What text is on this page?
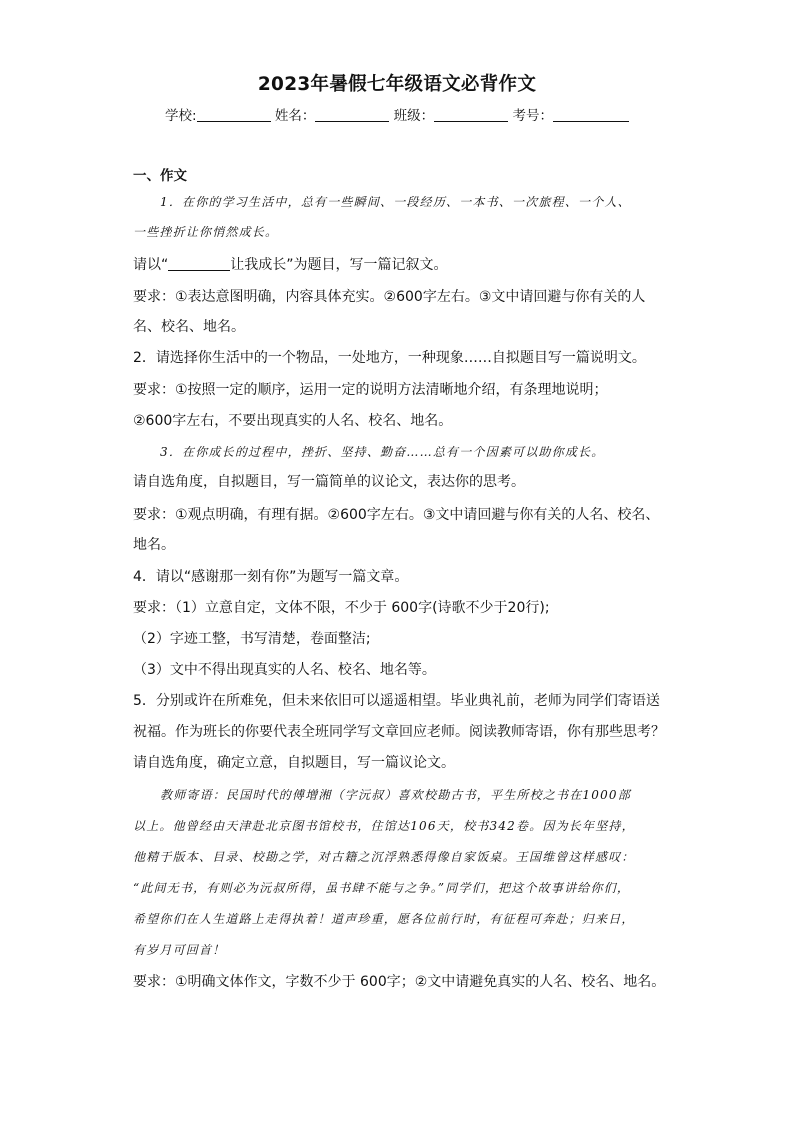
2023年暑假七年级语文必背作文
学校:	姓名：	班级：	考号：
一、作文
1．在你的学习生活中，总有一些瞬间、一段经历、一本书、一次旅程、一个人、
一些挫折让你悄然成长。
请以“	让我成长”为题目，写一篇记叙文。
要求：①表达意图明确，内容具体充实。②600字左右。③文中请回避与你有关的人
名、校名、地名。
2．请选择你生活中的一个物品，一处地方，一种现象……自拟题目写一篇说明文。
要求：①按照一定的顺序，运用一定的说明方法清晰地介绍，有条理地说明；
②600字左右，不要出现真实的人名、校名、地名。
3．在你成长的过程中，挫折、坚持、勤奋……总有一个因素可以助你成长。
请自选角度，自拟题目，写一篇简单的议论文，表达你的思考。
要求：①观点明确，有理有据。②600字左右。③文中请回避与你有关的人名、校名、
地名。
4．请以“感谢那一刻有你”为题写一篇文章。
要求：（1）立意自定，文体不限，不少于 600字(诗歌不少于20行);
（2）字迹工整，书写清楚，卷面整洁;
（3）文中不得出现真实的人名、校名、地名等。
5．分别或许在所难免，但未来依旧可以遥遥相望。毕业典礼前，老师为同学们寄语送
祝福。作为班长的你要代表全班同学写文章回应老师。阅读教师寄语，你有那些思考？
请自选角度，确定立意，自拟题目，写一篇议论文。
教师寄语：民国时代的傅增湘（字沅叔）喜欢校勘古书，平生所校之书在1000部
以上。他曾经由天津赴北京图书馆校书，住馆达106天，校书342卷。因为长年坚持，
他精于版本、目录、校勘之学，对古籍之沉浮熟悉得像自家饭桌。王国维曾这样感叹：
“此间无书，有则必为沅叔所得，虽书肆不能与之争。”同学们，把这个故事讲给你们，
希望你们在人生道路上走得执着！道声珍重，愿各位前行时，有征程可奔赴；归来日，
有岁月可回首！
要求：①明确文体作文，字数不少于 600字；②文中请避免真实的人名、校名、地名。
